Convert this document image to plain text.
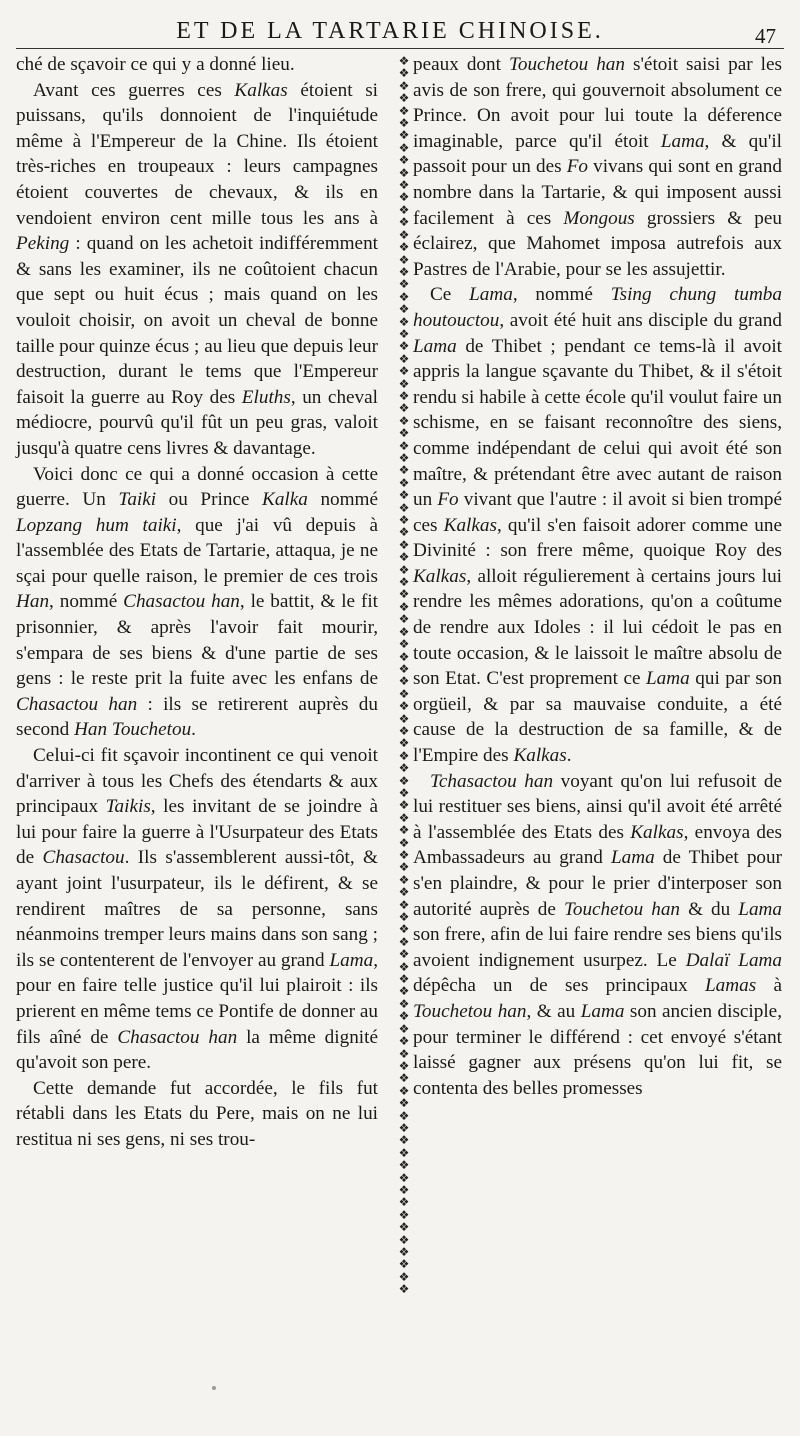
ET DE LA TARTARIE CHINOISE.	47

ché de sçavoir ce qui y a donné lieu.

Avant ces guerres ces Kalkas étoient si puissans, qu'ils donnoient de l'inquiétude même à l'Empereur de la Chine. Ils étoient très-riches en troupeaux : leurs campagnes étoient couvertes de chevaux, & ils en vendoient environ cent mille tous les ans à Peking : quand on les achetoit indifféremment & sans les examiner, ils ne coûtoient chacun que sept ou huit écus ; mais quand on les vouloit choisir, on avoit un cheval de bonne taille pour quinze écus ; au lieu que depuis leur destruction, durant le tems que l'Empereur faisoit la guerre au Roy des Eluths, un cheval médiocre, pourvû qu'il fût un peu gras, valoit jusqu'à quatre cens livres & davantage.

Voici donc ce qui a donné occasion à cette guerre. Un Taiki ou Prince Kalka nommé Lopzang hum taiki, que j'ai vû depuis à l'assemblée des Etats de Tartarie, attaqua, je ne sçai pour quelle raison, le premier de ces trois Han, nommé Chasactou han, le battit, & le fit prisonnier, & après l'avoir fait mourir, s'empara de ses biens & d'une partie de ses gens : le reste prit la fuite avec les enfans de Chasactou han : ils se retirerent auprès du second Han Touchetou.

Celui-ci fit sçavoir incontinent ce qui venoit d'arriver à tous les Chefs des étendarts & aux principaux Taikis, les invitant de se joindre à lui pour faire la guerre à l'Usurpateur des Etats de Chasactou. Ils s'assemblerent aussi-tôt, & ayant joint l'usurpateur, ils le défirent, & se rendirent maîtres de sa personne, sans néanmoins tremper leurs mains dans son sang ; ils se contenterent de l'envoyer au grand Lama, pour en faire telle justice qu'il lui plairoit : ils prierent en même tems ce Pontife de donner au fils aîné de Chasactou han la même dignité qu'avoit son pere.

Cette demande fut accordée, le fils fut rétabli dans les Etats du Pere, mais on ne lui restitua ni ses gens, ni ses trou-

❖
❖
❖
❖
❖
❖
❖
❖
❖
❖
❖
❖
❖
❖
❖
❖
❖
❖
❖
❖
❖
❖
❖
❖
❖
❖
❖
❖
❖
❖
❖
❖
❖
❖
❖
❖
❖
❖
❖
❖
❖
❖
❖
❖
❖
❖
❖
❖
❖
❖
❖
❖
❖
❖
❖
❖
❖
❖
❖
❖
❖
❖
❖
❖
❖
❖
❖
❖
❖
❖
❖
❖
❖
❖
❖
❖
❖
❖
❖
❖
❖
❖
❖
❖
❖
❖
❖
❖
❖
❖
❖
❖
❖
❖
❖
❖
❖
❖
❖
❖

peaux dont Touchetou han s'étoit saisi par les avis de son frere, qui gouvernoit absolument ce Prince. On avoit pour lui toute la déference imaginable, parce qu'il étoit Lama, & qu'il passoit pour un des Fo vivans qui sont en grand nombre dans la Tartarie, & qui imposent aussi facilement à ces Mongous grossiers & peu éclairez, que Mahomet imposa autrefois aux Pastres de l'Arabie, pour se les assujettir.

Ce Lama, nommé Tsing chung tumba houtouctou, avoit été huit ans disciple du grand Lama de Thibet ; pendant ce tems-là il avoit appris la langue sçavante du Thibet, & il s'étoit rendu si habile à cette école qu'il voulut faire un schisme, en se faisant reconnoître des siens, comme indépendant de celui qui avoit été son maître, & prétendant être avec autant de raison un Fo vivant que l'autre : il avoit si bien trompé ces Kalkas, qu'il s'en faisoit adorer comme une Divinité : son frere même, quoique Roy des Kalkas, alloit régulierement à certains jours lui rendre les mêmes adorations, qu'on a coûtume de rendre aux Idoles : il lui cédoit le pas en toute occasion, & le laissoit le maître absolu de son Etat. C'est proprement ce Lama qui par son orgüeil, & par sa mauvaise conduite, a été cause de la destruction de sa famille, & de l'Empire des Kalkas.

Tchasactou han voyant qu'on lui refusoit de lui restituer ses biens, ainsi qu'il avoit été arrêté à l'assemblée des Etats des Kalkas, envoya des Ambassadeurs au grand Lama de Thibet pour s'en plaindre, & pour le prier d'interposer son autorité auprès de Touchetou han & du Lama son frere, afin de lui faire rendre ses biens qu'ils avoient indignement usurpez. Le Dalaï Lama dépêcha un de ses principaux Lamas à Touchetou han, & au Lama son ancien disciple, pour terminer le différend : cet envoyé s'étant laissé gagner aux présens qu'on lui fit, se contenta des belles promesses
